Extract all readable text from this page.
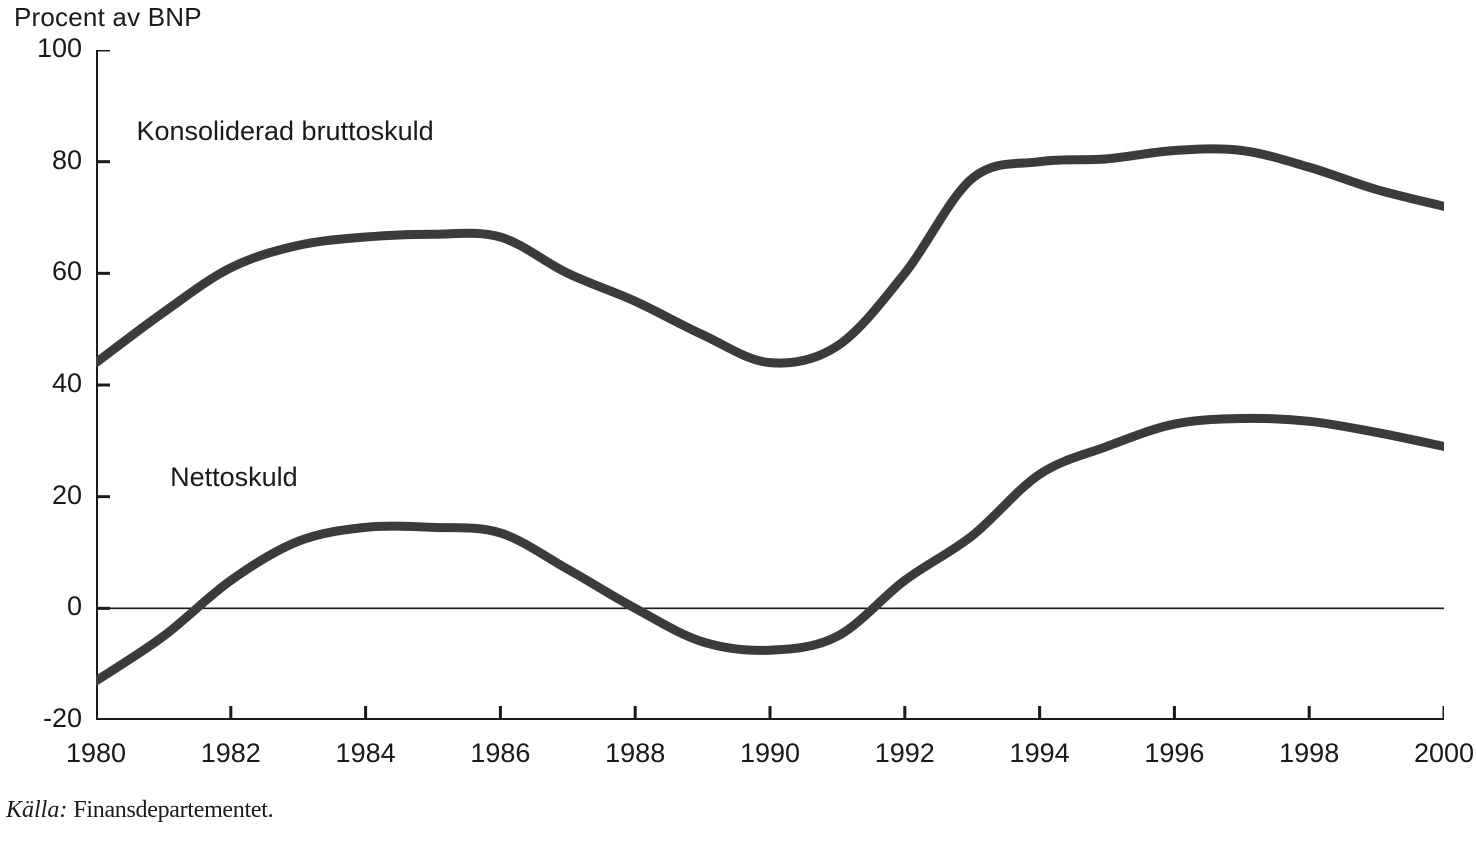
Procent av BNP
-20
0
20
40
60
80
100
1980	1982	1984	1986	1988	1990	1992	1994	1996	1998	2000
Konsoliderad bruttoskuld
Nettoskuld
Källa: Finansdepartementet.
